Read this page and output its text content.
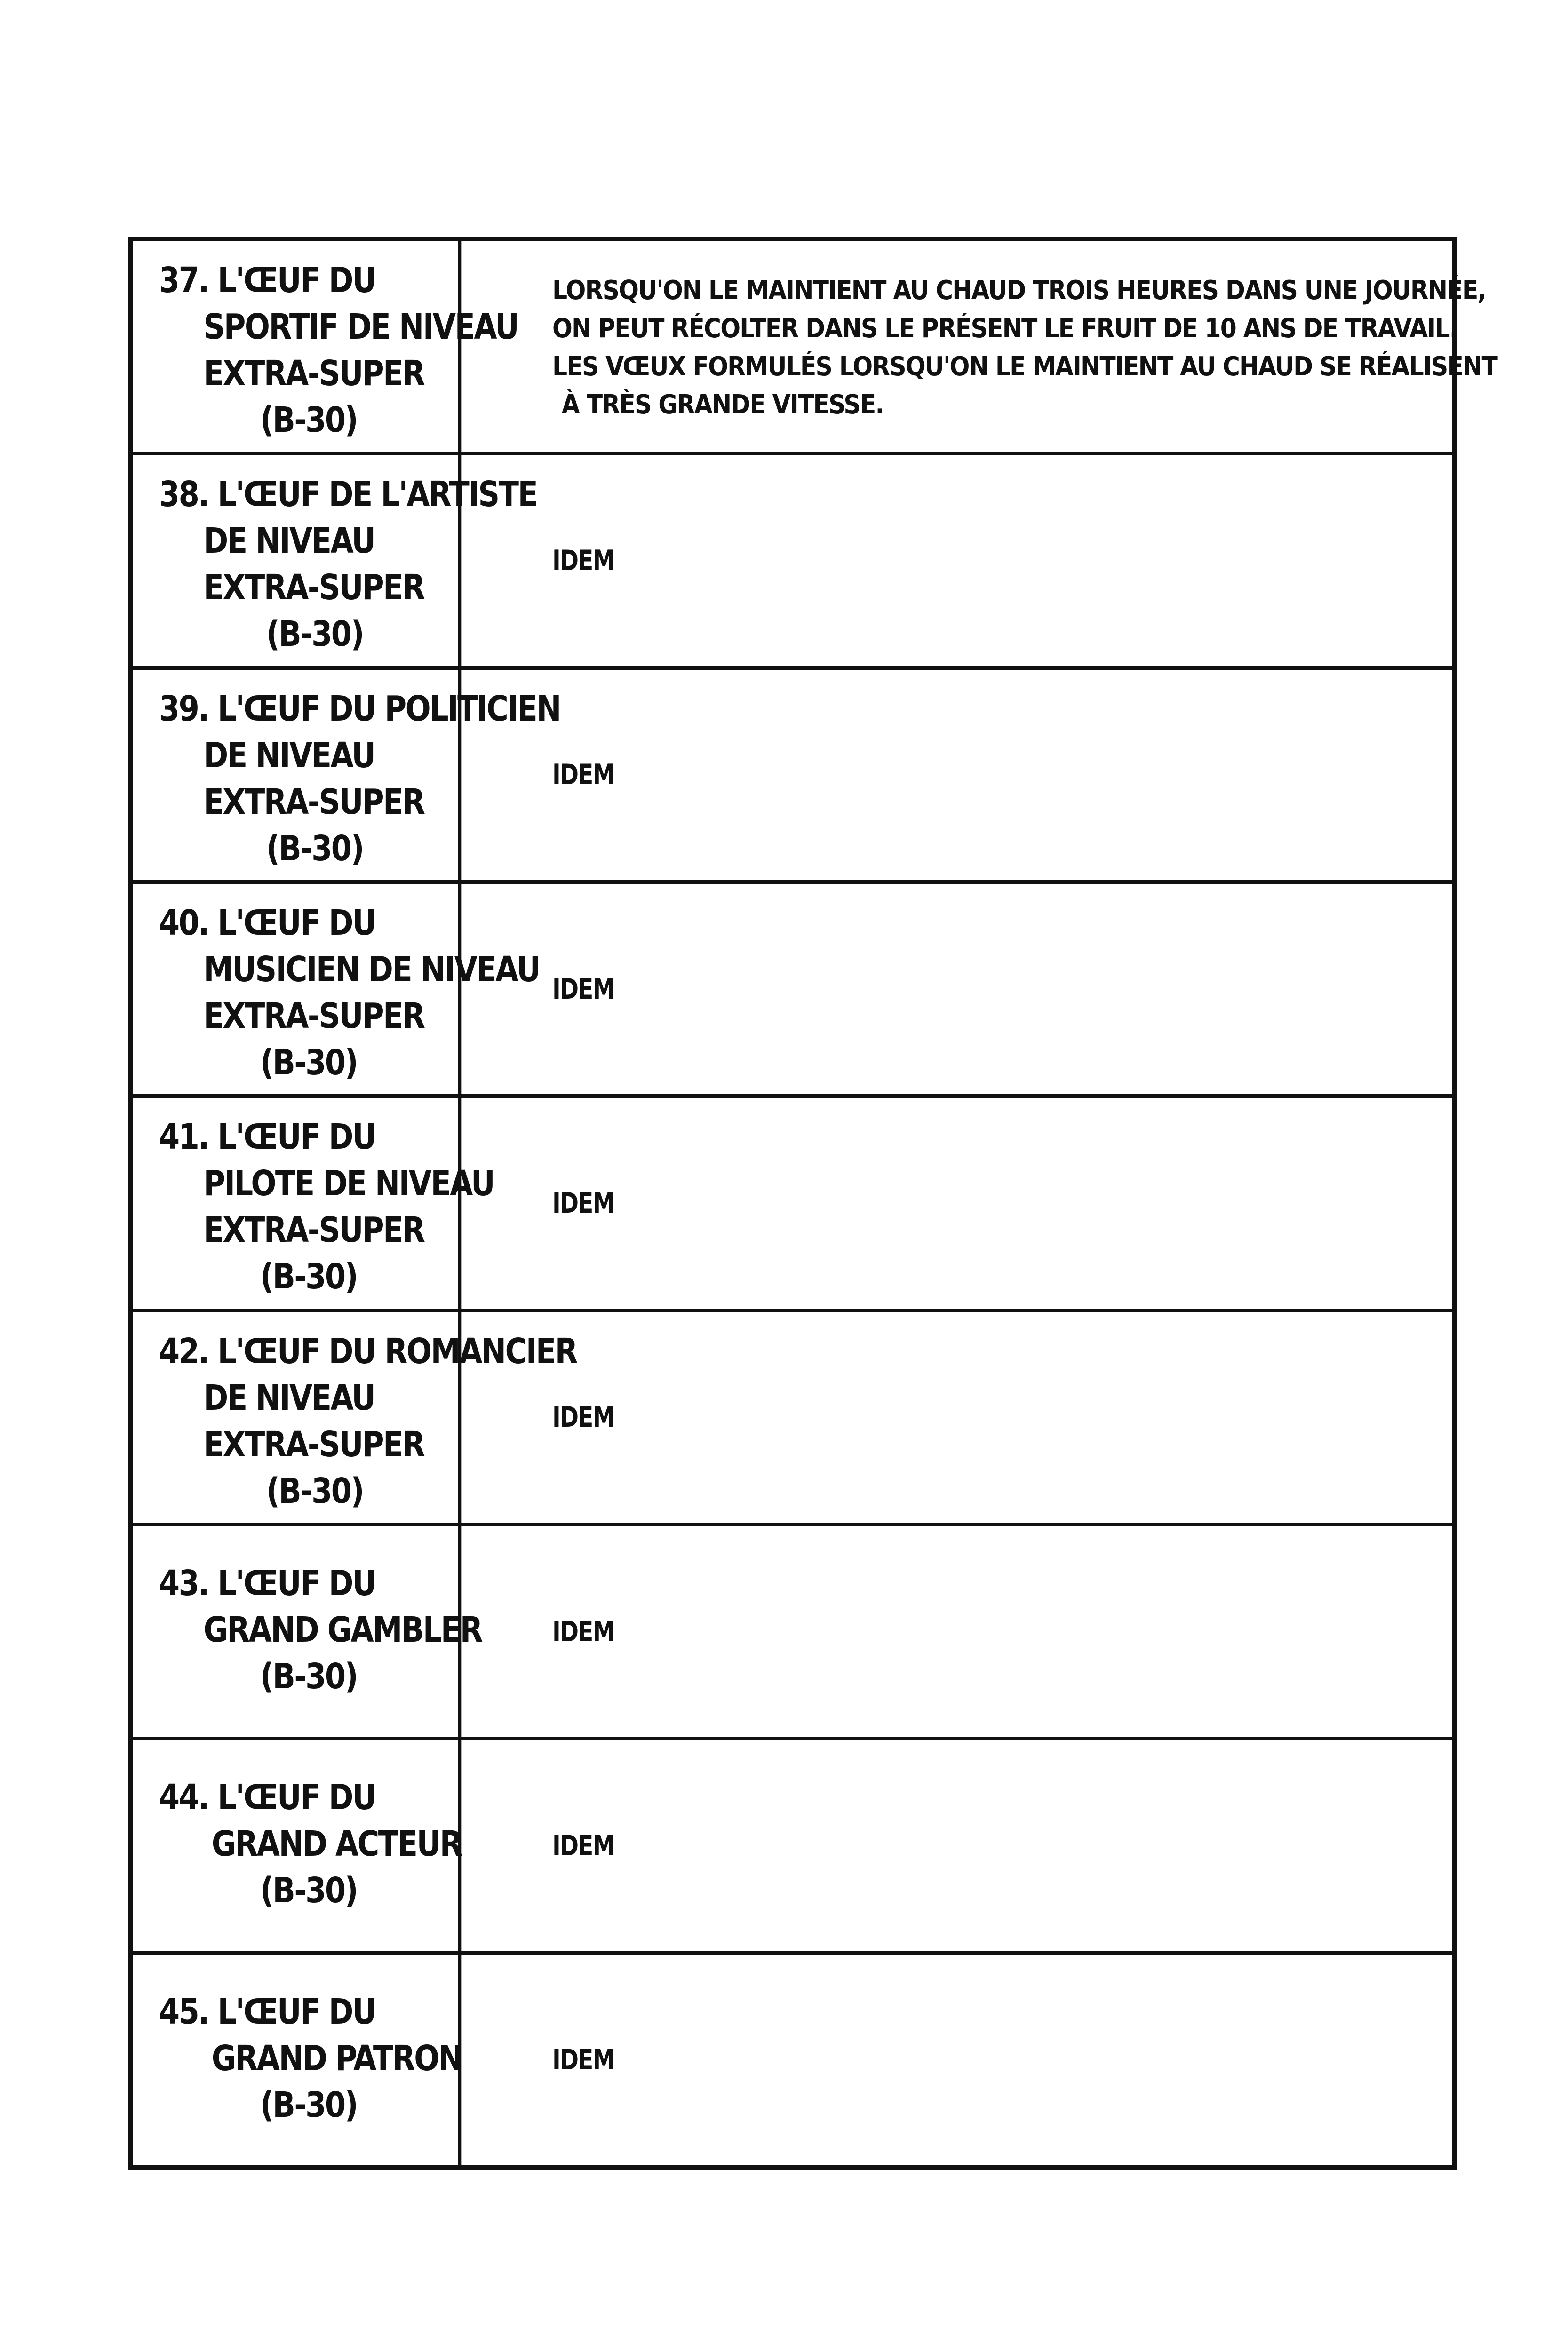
37. L'ŒUF DU
SPORTIF DE NIVEAU
EXTRA-SUPER
(B-30)
LORSQU'ON LE MAINTIENT AU CHAUD TROIS HEURES DANS UNE JOURNÉE,
ON PEUT RÉCOLTER DANS LE PRÉSENT LE FRUIT DE 10 ANS DE TRAVAIL.
LES VŒUX FORMULÉS LORSQU'ON LE MAINTIENT AU CHAUD SE RÉALISENT
À TRÈS GRANDE VITESSE.
38. L'ŒUF DE L'ARTISTE
DE NIVEAU
EXTRA-SUPER
(B-30)
IDEM
39. L'ŒUF DU POLITICIEN
DE NIVEAU
EXTRA-SUPER
(B-30)
IDEM
40. L'ŒUF DU
MUSICIEN DE NIVEAU
EXTRA-SUPER
(B-30)
IDEM
41. L'ŒUF DU
PILOTE DE NIVEAU
EXTRA-SUPER
(B-30)
IDEM
42. L'ŒUF DU ROMANCIER
DE NIVEAU
EXTRA-SUPER
(B-30)
IDEM
43. L'ŒUF DU
GRAND GAMBLER
(B-30)
IDEM
44. L'ŒUF DU
GRAND ACTEUR
(B-30)
IDEM
45. L'ŒUF DU
GRAND PATRON
(B-30)
IDEM
